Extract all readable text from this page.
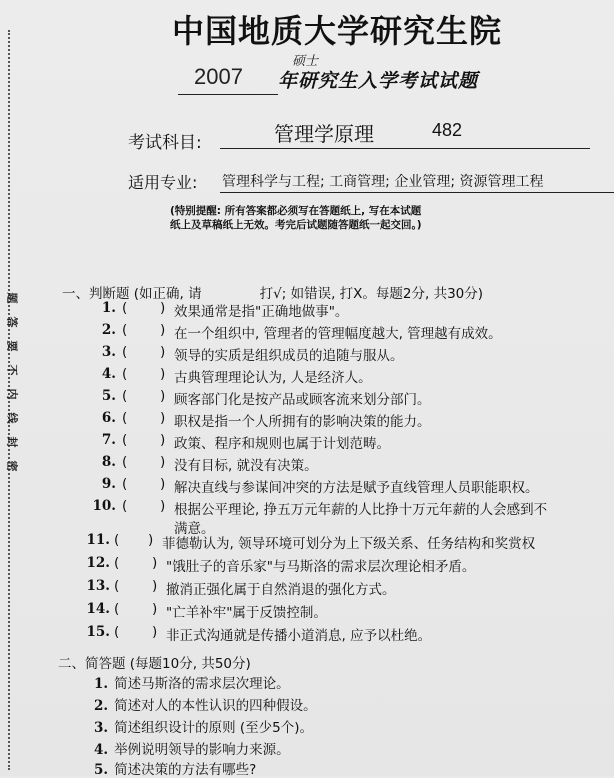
题
答
要
不
内
线
封
密
中国地质大学研究生院
2007
硕士
年研究生入学考试试题
考试科目:	管理学原理	482
适用专业: 管理科学与工程; 工商管理; 企业管理; 资源管理工程
(特别提醒: 所有答案都必须写在答题纸上, 写在本试题
纸上及草稿纸上无效。考完后试题随答题纸一起交回。)
一、判断题 (如正确, 请	打√; 如错误, 打X。每题2分, 共30分)
1. ( ) 效果通常是指"正确地做事"。
2. ( ) 在一个组织中, 管理者的管理幅度越大, 管理越有成效。
3. ( ) 领导的实质是组织成员的追随与服从。
4. ( ) 古典管理理论认为, 人是经济人。
5. ( ) 顾客部门化是按产品或顾客流来划分部门。
6. ( ) 职权是指一个人所拥有的影响决策的能力。
7. ( ) 政策、程序和规则也属于计划范畴。
8. ( ) 没有目标, 就没有决策。
9. ( ) 解决直线与参谋间冲突的方法是赋予直线管理人员职能职权。
10. ( ) 根据公平理论, 挣五万元年薪的人比挣十万元年薪的人会感到不
满意。
11. ( ) 菲德勒认为, 领导环境可划分为上下级关系、任务结构和奖赏权
12. ( ) "饿肚子的音乐家"与马斯洛的需求层次理论相矛盾。
13. ( ) 撤消正强化属于自然消退的强化方式。
14. ( ) "亡羊补牢"属于反馈控制。
15. ( ) 非正式沟通就是传播小道消息, 应予以杜绝。
二、简答题 (每题10分, 共50分)
1. 简述马斯洛的需求层次理论。
2. 简述对人的本性认识的四种假设。
3. 简述组织设计的原则 (至少5个)。
4. 举例说明领导的影响力来源。
5. 简述决策的方法有哪些?
